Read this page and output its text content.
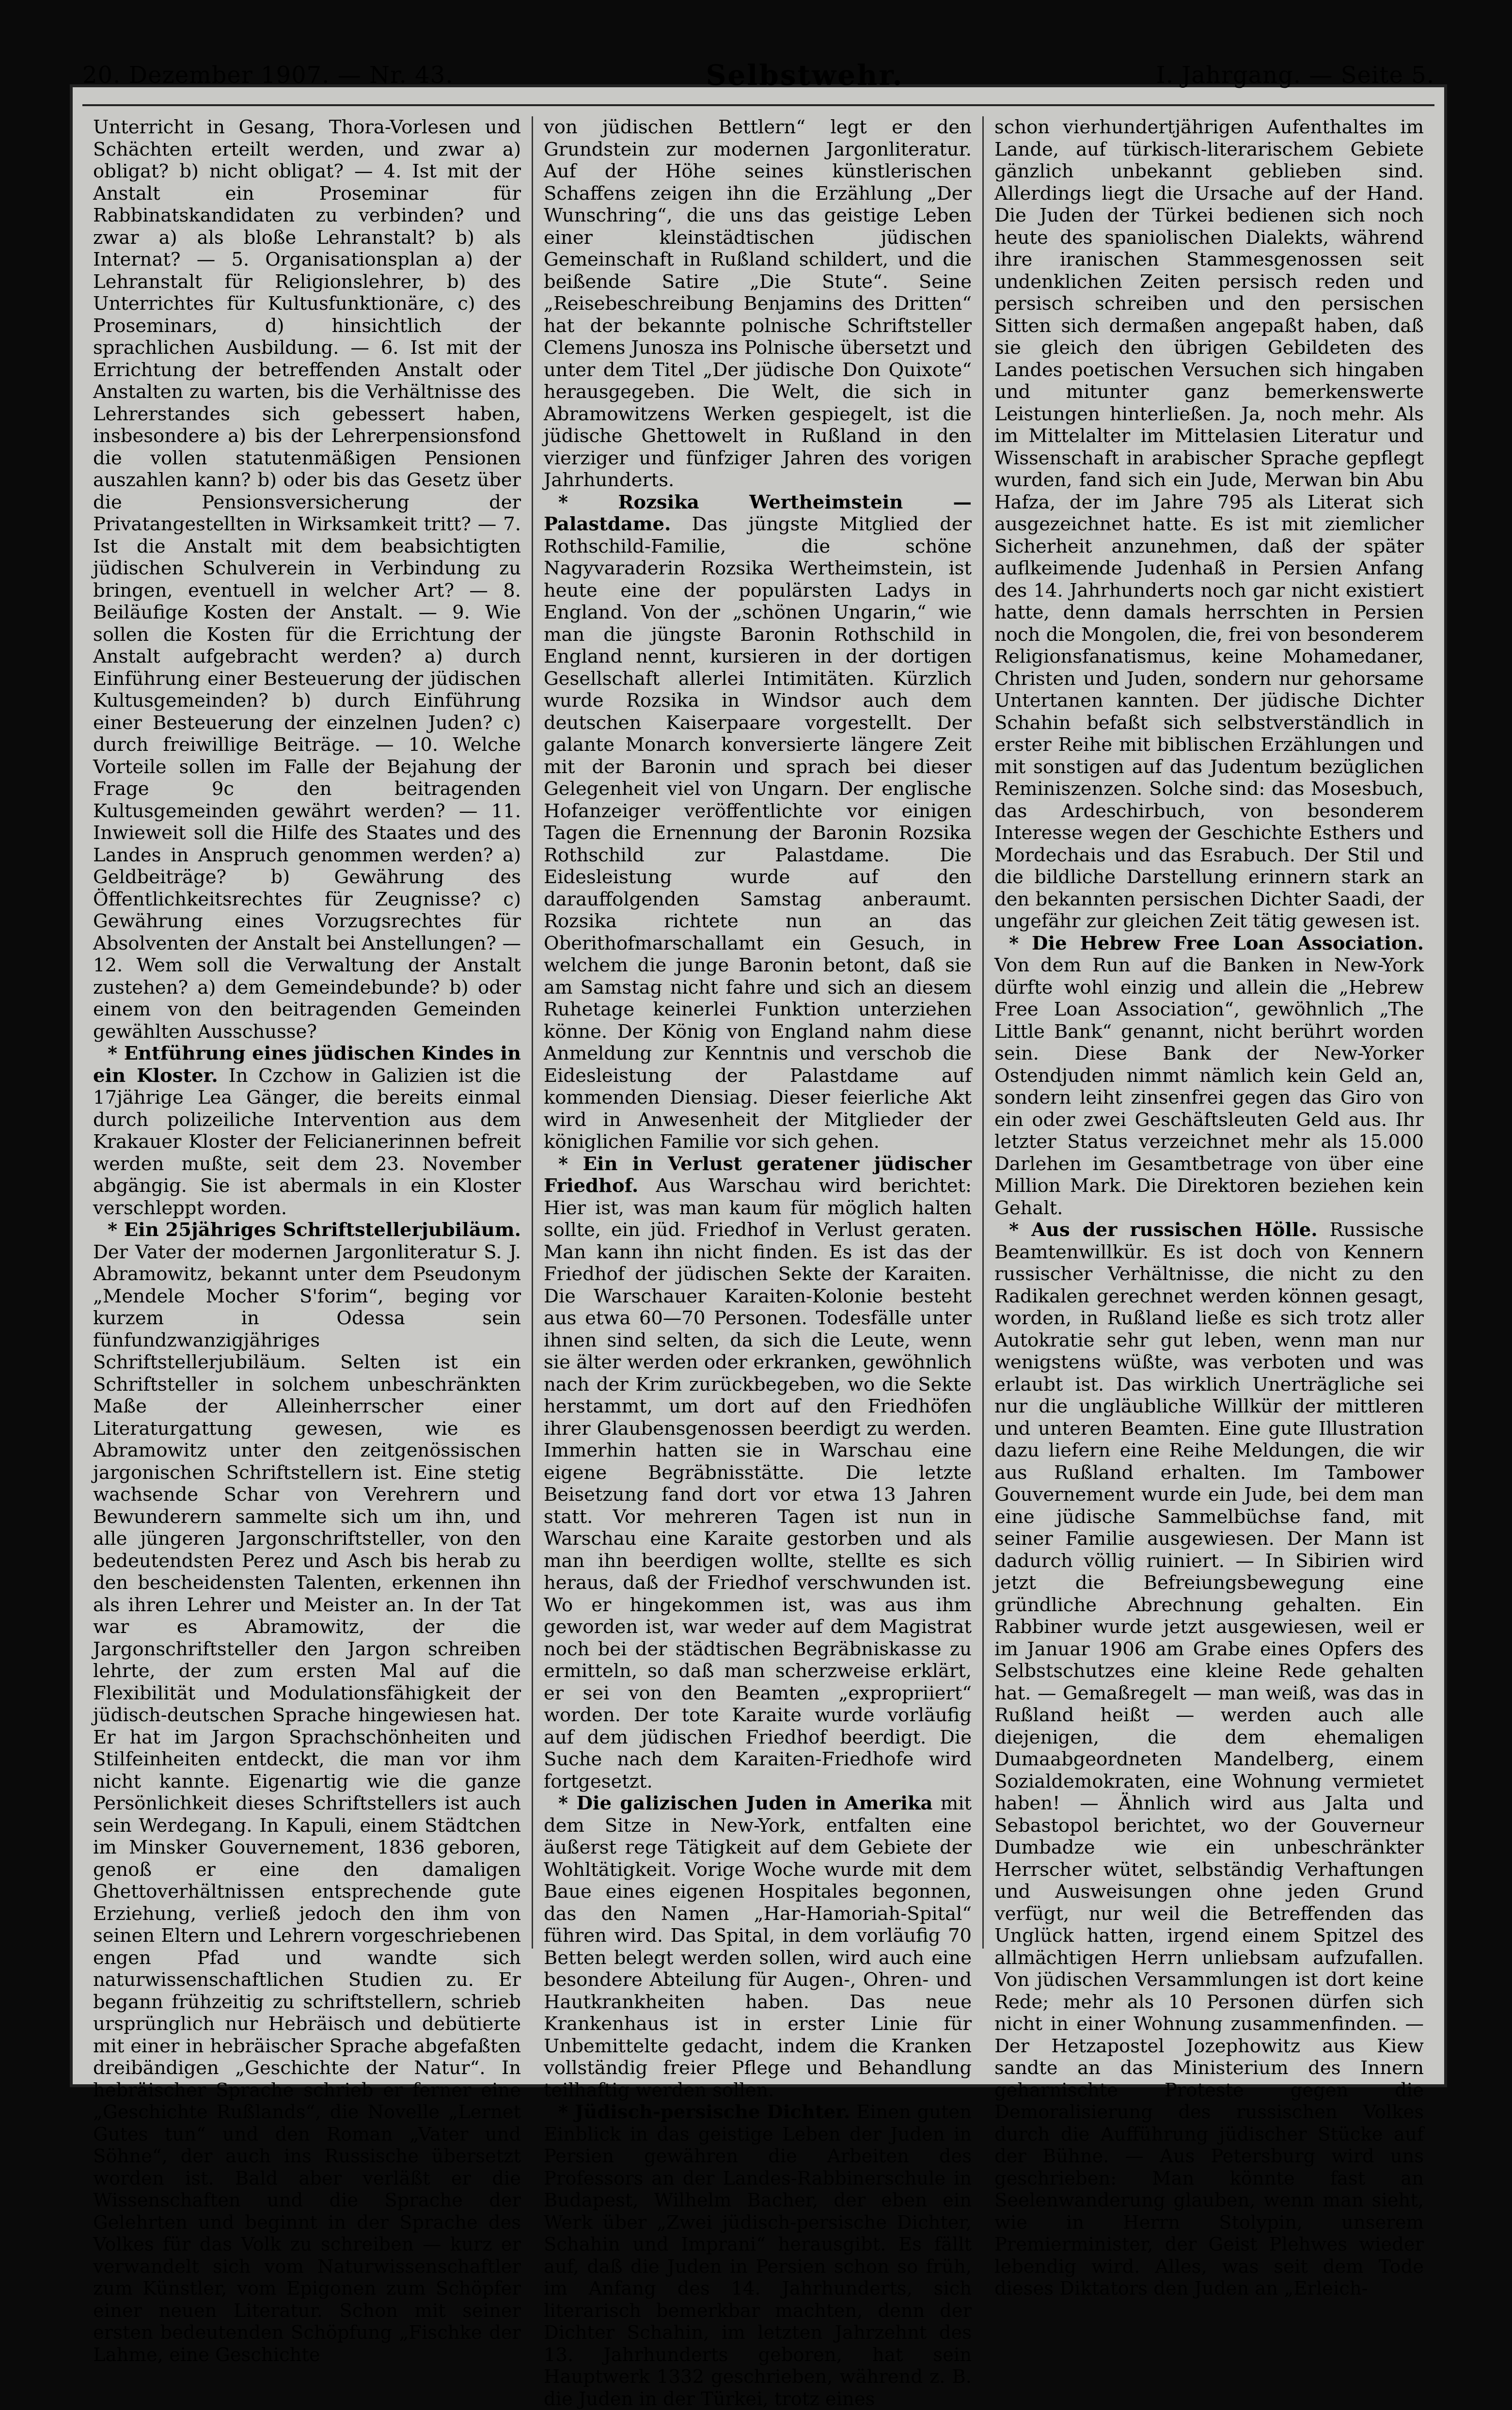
20. Dezember 1907. — Nr. 43.	Selbstwehr.	I. Jahrgang. — Seite 5.

Unterricht in Gesang, Thora-Vorlesen und Schächten erteilt werden, und zwar a) obligat? b) nicht obligat? — 4. Ist mit der Anstalt ein Proseminar für Rabbinatskandidaten zu verbinden? und zwar a) als bloße Lehranstalt? b) als Internat? — 5. Organisationsplan a) der Lehranstalt für Religionslehrer, b) des Unterrichtes für Kultusfunktionäre, c) des Proseminars, d) hinsichtlich der sprachlichen Ausbildung. — 6. Ist mit der Errichtung der betreffenden Anstalt oder Anstalten zu warten, bis die Verhältnisse des Lehrerstandes sich gebessert haben, insbesondere a) bis der Lehrerpensionsfond die vollen statutenmäßigen Pensionen auszahlen kann? b) oder bis das Gesetz über die Pensionsversicherung der Privatangestellten in Wirksamkeit tritt? — 7. Ist die Anstalt mit dem beabsichtigten jüdischen Schulverein in Verbindung zu bringen, eventuell in welcher Art? — 8. Beiläufige Kosten der Anstalt. — 9. Wie sollen die Kosten für die Errichtung der Anstalt aufgebracht werden? a) durch Einführung einer Besteuerung der jüdischen Kultusgemeinden? b) durch Einführung einer Besteuerung der einzelnen Juden? c) durch freiwillige Beiträge. — 10. Welche Vorteile sollen im Falle der Bejahung der Frage 9c den beitragenden Kultusgemeinden gewährt werden? — 11. Inwieweit soll die Hilfe des Staates und des Landes in Anspruch genommen werden? a) Geldbeiträge? b) Gewährung des Öffentlichkeitsrechtes für Zeugnisse? c) Gewährung eines Vorzugsrechtes für Absolventen der Anstalt bei Anstellungen? — 12. Wem soll die Verwaltung der Anstalt zustehen? a) dem Gemeindebunde? b) oder einem von den beitragenden Gemeinden gewählten Ausschusse?

* Entführung eines jüdischen Kindes in ein Kloster. In Czchow in Galizien ist die 17jährige Lea Gänger, die bereits einmal durch polizeiliche Intervention aus dem Krakauer Kloster der Felicianerinnen befreit werden mußte, seit dem 23. November abgängig. Sie ist abermals in ein Kloster verschleppt worden.

* Ein 25jähriges Schriftstellerjubiläum. Der Vater der modernen Jargonliteratur S. J. Abramowitz, bekannt unter dem Pseudonym „Mendele Mocher S'forim“, beging vor kurzem in Odessa sein fünfundzwanzigjähriges Schriftstellerjubiläum. Selten ist ein Schriftsteller in solchem unbeschränkten Maße der Alleinherrscher einer Literaturgattung gewesen, wie es Abramowitz unter den zeitgenössischen jargonischen Schriftstellern ist. Eine stetig wachsende Schar von Verehrern und Bewunderern sammelte sich um ihn, und alle jüngeren Jargonschriftsteller, von den bedeutendsten Perez und Asch bis herab zu den bescheidensten Talenten, erkennen ihn als ihren Lehrer und Meister an. In der Tat war es Abramowitz, der die Jargonschriftsteller den Jargon schreiben lehrte, der zum ersten Mal auf die Flexibilität und Modulationsfähigkeit der jüdisch-deutschen Sprache hingewiesen hat. Er hat im Jargon Sprachschönheiten und Stilfeinheiten entdeckt, die man vor ihm nicht kannte. Eigenartig wie die ganze Persönlichkeit dieses Schriftstellers ist auch sein Werdegang. In Kapuli, einem Städtchen im Minsker Gouvernement, 1836 geboren, genoß er eine den damaligen Ghettoverhältnissen entsprechende gute Erziehung, verließ jedoch den ihm von seinen Eltern und Lehrern vorgeschriebenen engen Pfad und wandte sich naturwissenschaftlichen Studien zu. Er begann frühzeitig zu schriftstellern, schrieb ursprünglich nur Hebräisch und debütierte mit einer in hebräischer Sprache abgefaßten dreibändigen „Geschichte der Natur“. In hebräischer Sprache schrieb er ferner eine „Geschichte Rußlands“, die Novelle „Lernet Gutes tun“ und den Roman „Vater und Söhne“, der auch ins Russische übersetzt worden ist. Bald aber verläßt er die Wissenschaften und die Sprache der Gelehrten und beginnt in der Sprache des Volkes für das Volk zu schreiben — kurz er verwandelt sich vom Naturwissenschaftler zum Künstler, vom Epigonen zum Schöpfer einer neuen Literatur. Schon mit seiner ersten bedeutenden Schöpfung „Fischke der Lahme, eine Geschichte

von jüdischen Bettlern“ legt er den Grundstein zur modernen Jargonliteratur. Auf der Höhe seines künstlerischen Schaffens zeigen ihn die Erzählung „Der Wunschring“, die uns das geistige Leben einer kleinstädtischen jüdischen Gemeinschaft in Rußland schildert, und die beißende Satire „Die Stute“. Seine „Reisebeschreibung Benjamins des Dritten“ hat der bekannte polnische Schriftsteller Clemens Junosza ins Polnische übersetzt und unter dem Titel „Der jüdische Don Quixote“ herausgegeben. Die Welt, die sich in Abramowitzens Werken gespiegelt, ist die jüdische Ghettowelt in Rußland in den vierziger und fünfziger Jahren des vorigen Jahrhunderts.

* Rozsika Wertheimstein — Palastdame. Das jüngste Mitglied der Rothschild-Familie, die schöne Nagyvaraderin Rozsika Wertheimstein, ist heute eine der populärsten Ladys in England. Von der „schönen Ungarin,“ wie man die jüngste Baronin Rothschild in England nennt, kursieren in der dortigen Gesellschaft allerlei Intimitäten. Kürzlich wurde Rozsika in Windsor auch dem deutschen Kaiserpaare vorgestellt. Der galante Monarch konversierte längere Zeit mit der Baronin und sprach bei dieser Gelegenheit viel von Ungarn. Der englische Hofanzeiger veröffentlichte vor einigen Tagen die Ernennung der Baronin Rozsika Rothschild zur Palastdame. Die Eidesleistung wurde auf den darauffolgenden Samstag anberaumt. Rozsika richtete nun an das Oberithofmarschallamt ein Gesuch, in welchem die junge Baronin betont, daß sie am Samstag nicht fahre und sich an diesem Ruhetage keinerlei Funktion unterziehen könne. Der König von England nahm diese Anmeldung zur Kenntnis und verschob die Eidesleistung der Palastdame auf kommenden Diensiag. Dieser feierliche Akt wird in Anwesenheit der Mitglieder der königlichen Familie vor sich gehen.

* Ein in Verlust geratener jüdischer Friedhof. Aus Warschau wird berichtet: Hier ist, was man kaum für möglich halten sollte, ein jüd. Friedhof in Verlust geraten. Man kann ihn nicht finden. Es ist das der Friedhof der jüdischen Sekte der Karaiten. Die Warschauer Karaiten-Kolonie besteht aus etwa 60—70 Personen. Todesfälle unter ihnen sind selten, da sich die Leute, wenn sie älter werden oder erkranken, gewöhnlich nach der Krim zurückbegeben, wo die Sekte herstammt, um dort auf den Friedhöfen ihrer Glaubensgenossen beerdigt zu werden. Immerhin hatten sie in Warschau eine eigene Begräbnisstätte. Die letzte Beisetzung fand dort vor etwa 13 Jahren statt. Vor mehreren Tagen ist nun in Warschau eine Karaite gestorben und als man ihn beerdigen wollte, stellte es sich heraus, daß der Friedhof verschwunden ist. Wo er hingekommen ist, was aus ihm geworden ist, war weder auf dem Magistrat noch bei der städtischen Begräbniskasse zu ermitteln, so daß man scherzweise erklärt, er sei von den Beamten „expropriiert“ worden. Der tote Karaite wurde vorläufig auf dem jüdischen Friedhof beerdigt. Die Suche nach dem Karaiten-Friedhofe wird fortgesetzt.

* Die galizischen Juden in Amerika mit dem Sitze in New-York, entfalten eine äußerst rege Tätigkeit auf dem Gebiete der Wohltätigkeit. Vorige Woche wurde mit dem Baue eines eigenen Hospitales begonnen, das den Namen „Har-Hamoriah-Spital“ führen wird. Das Spital, in dem vorläufig 70 Betten belegt werden sollen, wird auch eine besondere Abteilung für Augen-, Ohren- und Hautkrankheiten haben. Das neue Krankenhaus ist in erster Linie für Unbemittelte gedacht, indem die Kranken vollständig freier Pflege und Behandlung teilhaftig werden sollen.

* Jüdisch-persische Dichter. Einen guten Einblick in das geistige Leben der Juden in Persien gewähren die Arbeiten des Professors an der Landes-Rabbinerschule in Budapest, Wilhelm Bacher, der eben ein Werk über „Zwei jüdisch-persische Dichter, Schahin und Imprani“ herausgibt. Es fällt auf, daß die Juden in Persien schon so früh, im Anfang des 14. Jahrhunderts, sich literarisch bemerkbar machten, denn der Dichter Schahin, im letzten Jahrzehnt des 13. Jahrhunderts geboren, hat sein Hauptwerk 1332 geschrieben, während z. B. die Juden in der Türkei, trotz eines

schon vierhundertjährigen Aufenthaltes im Lande, auf türkisch-literarischem Gebiete gänzlich unbekannt geblieben sind. Allerdings liegt die Ursache auf der Hand. Die Juden der Türkei bedienen sich noch heute des spaniolischen Dialekts, während ihre iranischen Stammesgenossen seit undenklichen Zeiten persisch reden und persisch schreiben und den persischen Sitten sich dermaßen angepaßt haben, daß sie gleich den übrigen Gebildeten des Landes poetischen Versuchen sich hingaben und mitunter ganz bemerkenswerte Leistungen hinterließen. Ja, noch mehr. Als im Mittelalter im Mittelasien Literatur und Wissenschaft in arabischer Sprache gepflegt wurden, fand sich ein Jude, Merwan bin Abu Hafza, der im Jahre 795 als Literat sich ausgezeichnet hatte. Es ist mit ziemlicher Sicherheit anzunehmen, daß der später auflkeimende Judenhaß in Persien Anfang des 14. Jahrhunderts noch gar nicht existiert hatte, denn damals herrschten in Persien noch die Mongolen, die, frei von besonderem Religionsfanatismus, keine Mohamedaner, Christen und Juden, sondern nur gehorsame Untertanen kannten. Der jüdische Dichter Schahin befaßt sich selbstverständlich in erster Reihe mit biblischen Erzählungen und mit sonstigen auf das Judentum bezüglichen Reminiszenzen. Solche sind: das Mosesbuch, das Ardeschirbuch, von besonderem Interesse wegen der Geschichte Esthers und Mordechais und das Esrabuch. Der Stil und die bildliche Darstellung erinnern stark an den bekannten persischen Dichter Saadi, der ungefähr zur gleichen Zeit tätig gewesen ist.

* Die Hebrew Free Loan Association. Von dem Run auf die Banken in New-York dürfte wohl einzig und allein die „Hebrew Free Loan Association“, gewöhnlich „The Little Bank“ genannt, nicht berührt worden sein. Diese Bank der New-Yorker Ostendjuden nimmt nämlich kein Geld an, sondern leiht zinsenfrei gegen das Giro von ein oder zwei Geschäftsleuten Geld aus. Ihr letzter Status verzeichnet mehr als 15.000 Darlehen im Gesamtbetrage von über eine Million Mark. Die Direktoren beziehen kein Gehalt.

* Aus der russischen Hölle. Russische Beamtenwillkür. Es ist doch von Kennern russischer Verhältnisse, die nicht zu den Radikalen gerechnet werden können gesagt, worden, in Rußland ließe es sich trotz aller Autokratie sehr gut leben, wenn man nur wenigstens wüßte, was verboten und was erlaubt ist. Das wirklich Unerträgliche sei nur die ungläubliche Willkür der mittleren und unteren Beamten. Eine gute Illustration dazu liefern eine Reihe Meldungen, die wir aus Rußland erhalten. Im Tambower Gouvernement wurde ein Jude, bei dem man eine jüdische Sammelbüchse fand, mit seiner Familie ausgewiesen. Der Mann ist dadurch völlig ruiniert. — In Sibirien wird jetzt die Befreiungsbewegung eine gründliche Abrechnung gehalten. Ein Rabbiner wurde jetzt ausgewiesen, weil er im Januar 1906 am Grabe eines Opfers des Selbstschutzes eine kleine Rede gehalten hat. — Gemaßregelt — man weiß, was das in Rußland heißt — werden auch alle diejenigen, die dem ehemaligen Dumaabgeordneten Mandelberg, einem Sozialdemokraten, eine Wohnung vermietet haben! — Ähnlich wird aus Jalta und Sebastopol berichtet, wo der Gouverneur Dumbadze wie ein unbeschränkter Herrscher wütet, selbständig Verhaftungen und Ausweisungen ohne jeden Grund verfügt, nur weil die Betreffenden das Unglück hatten, irgend einem Spitzel des allmächtigen Herrn unliebsam aufzufallen. Von jüdischen Versammlungen ist dort keine Rede; mehr als 10 Personen dürfen sich nicht in einer Wohnung zusammenfinden. — Der Hetzapostel Jozephowitz aus Kiew sandte an das Ministerium des Innern geharnischte Proteste gegen die Demoralisierung des russischen Volkes durch die Aufführung jüdischer Stücke auf der Bühne. — Aus Petersburg wird uns geschrieben: Man könnte fast an Seelenwanderung glauben, wenn man sieht, wie in Herrn Stolypin, unserem Premierminister, der Geist Plehwes wieder lebendig wird. Alles, was seit dem Tode dieses Diktators den Juden an „Erleich-
